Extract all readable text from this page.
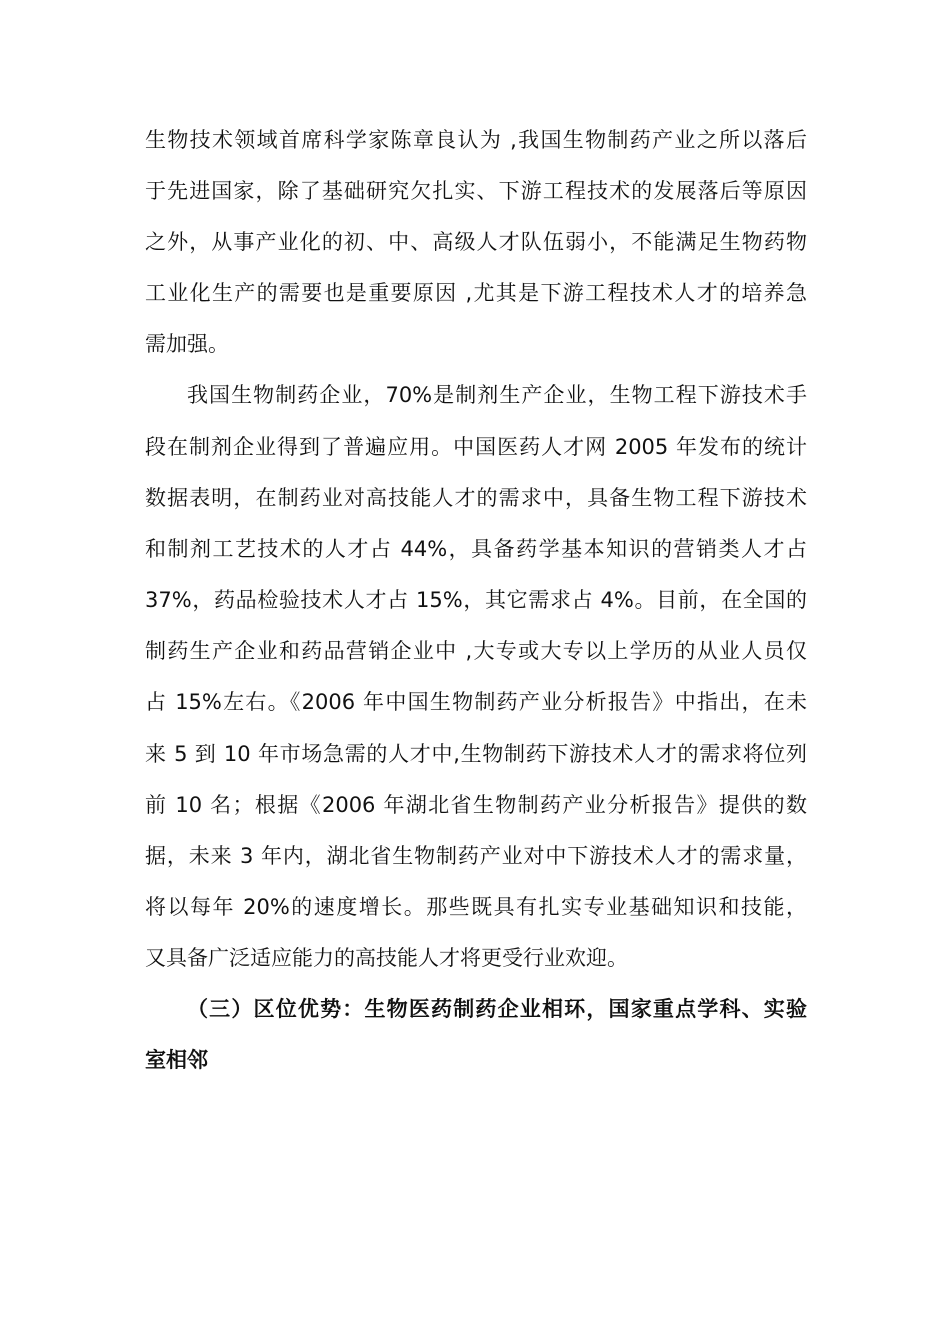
生物技术领域首席科学家陈章良认为 ,我国生物制药产业之所以落后
于先进国家，除了基础研究欠扎实、下游工程技术的发展落后等原因
之外，从事产业化的初、中、高级人才队伍弱小，不能满足生物药物
工业化生产的需要也是重要原因 ,尤其是下游工程技术人才的培养急
需加强。
我国生物制药企业，70%是制剂生产企业，生物工程下游技术手
段在制剂企业得到了普遍应用。中国医药人才网 2005 年发布的统计
数据表明，在制药业对高技能人才的需求中，具备生物工程下游技术
和制剂工艺技术的人才占 44%，具备药学基本知识的营销类人才占
37%，药品检验技术人才占 15%，其它需求占 4%。目前，在全国的
制药生产企业和药品营销企业中 ,大专或大专以上学历的从业人员仅
占 15%左右。《2006 年中国生物制药产业分析报告》中指出，在未
来 5 到 10 年市场急需的人才中,生物制药下游技术人才的需求将位列
前 10 名；根据《2006 年湖北省生物制药产业分析报告》提供的数
据，未来 3 年内，湖北省生物制药产业对中下游技术人才的需求量，
将以每年 20%的速度增长。那些既具有扎实专业基础知识和技能，
又具备广泛适应能力的高技能人才将更受行业欢迎。
（三）区位优势：生物医药制药企业相环，国家重点学科、实验
室相邻
